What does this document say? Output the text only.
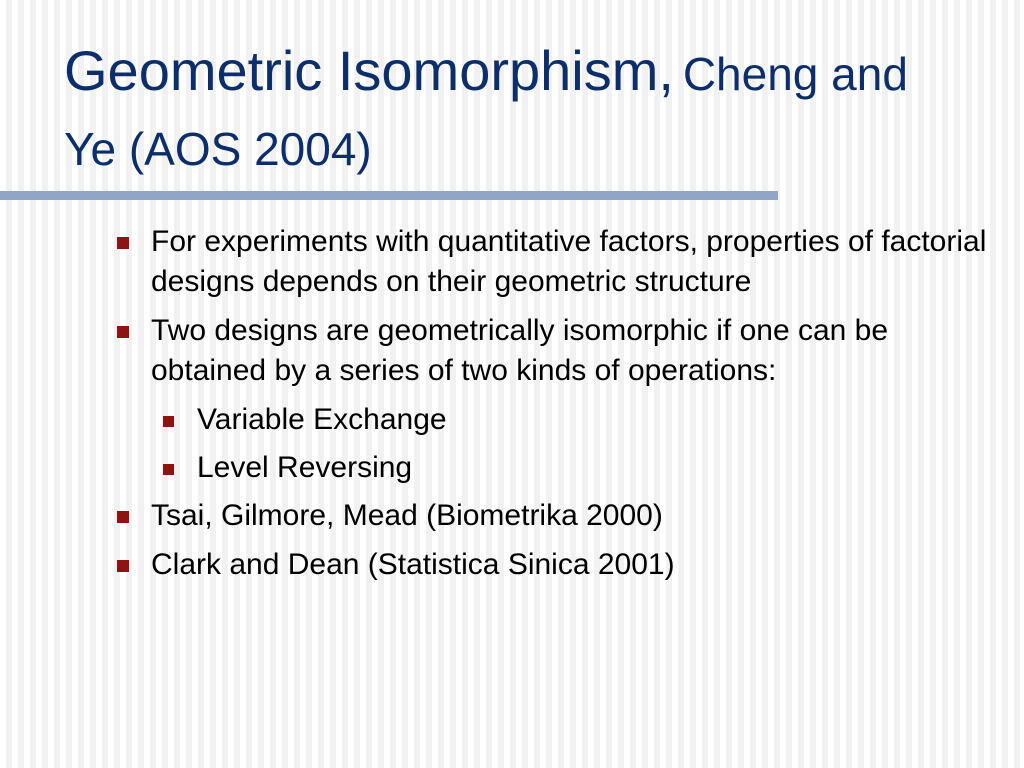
Geometric Isomorphism, Cheng and Ye (AOS 2004)
For experiments with quantitative factors, properties of factorial designs depends on their geometric structure
Two designs are geometrically isomorphic if one can be obtained by a series of two kinds of operations:
Variable Exchange
Level Reversing
Tsai, Gilmore, Mead (Biometrika 2000)
Clark and Dean (Statistica Sinica 2001)
